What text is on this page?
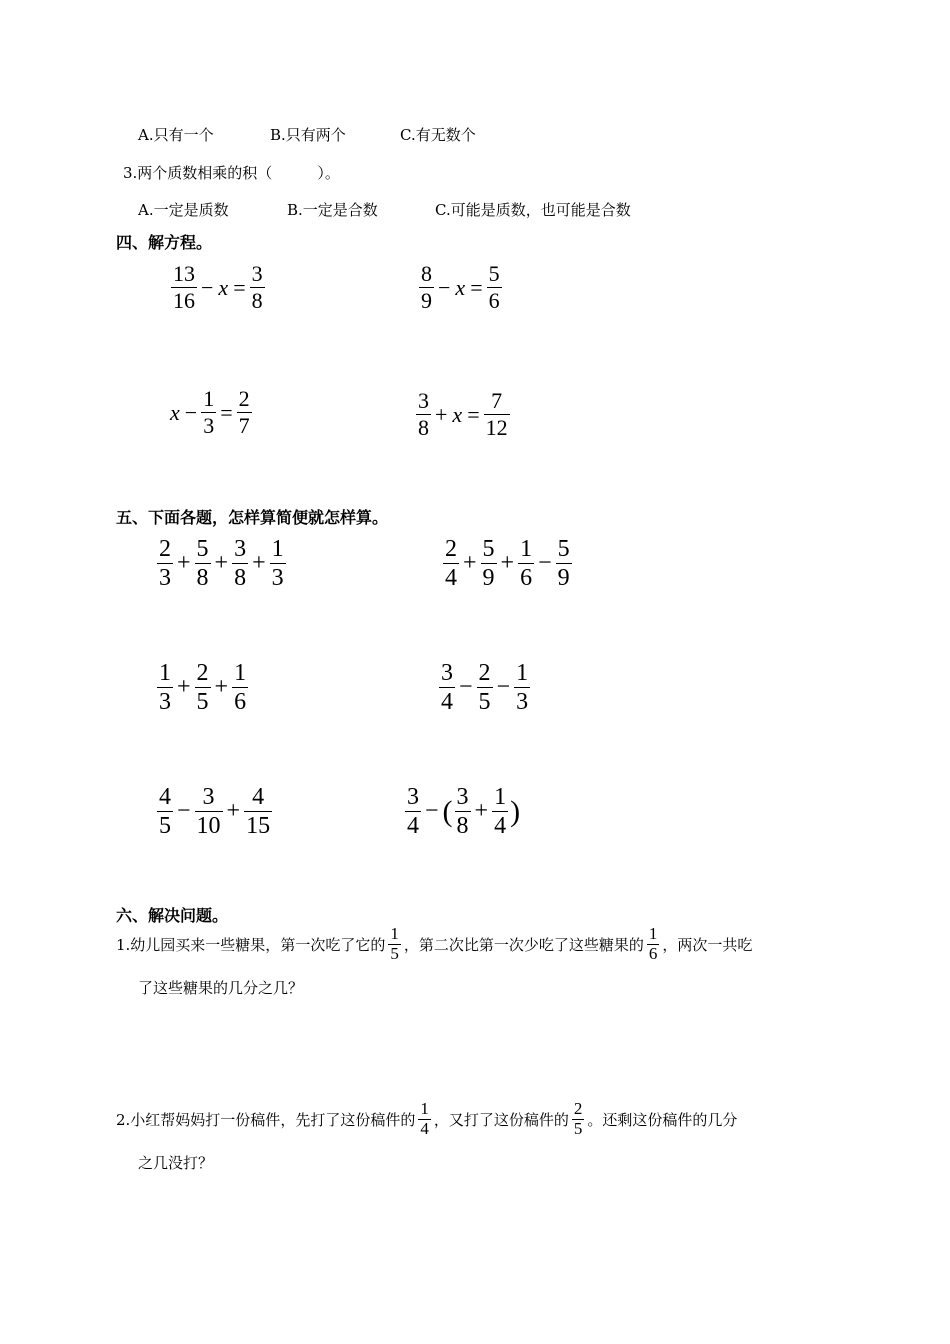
A.只有一个	B.只有两个	C.有无数个
3.两个质数相乘的积（　　　）。
A.一定是质数	B.一定是合数	C.可能是质数，也可能是合数
四、解方程。
$\frac{13}{16} - x = \frac{3}{8}$	$\frac{8}{9} - x = \frac{5}{6}$
$x - \frac{1}{3} = \frac{2}{7}$	$\frac{3}{8} + x = \frac{7}{12}$
五、下面各题，怎样算简便就怎样算。
$\frac{2}{3} + \frac{5}{8} + \frac{3}{8} + \frac{1}{3}$	$\frac{2}{4} + \frac{5}{9} + \frac{1}{6} - \frac{5}{9}$
$\frac{1}{3} + \frac{2}{5} + \frac{1}{6}$	$\frac{3}{4} - \frac{2}{5} - \frac{1}{3}$
$\frac{4}{5} - \frac{3}{10} + \frac{4}{15}$	$\frac{3}{4}$ − ( $\frac{3}{8} + \frac{1}{4}$ )
六、解决问题。
1.幼儿园买来一些糖果，第一次吃了它的
1
5 ，第二次比第一次少吃了这些糖果的
1
6 ，两次一共吃
了这些糖果的几分之几？
2.小红帮妈妈打一份稿件，先打了这份稿件的
1
4 ，又打了这份稿件的
2
5 。还剩这份稿件的几分
之几没打？
